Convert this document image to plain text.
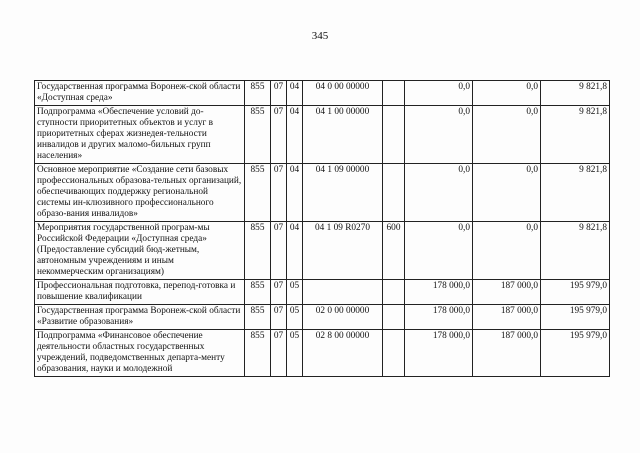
345
Государственная программа Воронеж-ской области «Доступная среда»	855	07	04	04 0 00 00000		0,0	0,0	9 821,8
Подпрограмма «Обеспечение условий до-ступности приоритетных объектов и услуг в приоритетных сферах жизнедея-тельности инвалидов и других маломо-бильных групп населения»	855	07	04	04 1 00 00000		0,0	0,0	9 821,8
Основное мероприятие «Создание сети базовых профессиональных образова-тельных организаций, обеспечивающих поддержку региональной системы ин-клюзивного профессионального образо-вания инвалидов»	855	07	04	04 1 09 00000		0,0	0,0	9 821,8
Мероприятия государственной програм-мы Российской Федерации «Доступная среда» (Предоставление субсидий бюд-жетным, автономным учреждениям и иным некоммерческим организациям)	855	07	04	04 1 09 R0270	600	0,0	0,0	9 821,8
Профессиональная подготовка, перепод-готовка и повышение квалификации	855	07	05			178 000,0	187 000,0	195 979,0
Государственная программа Воронеж-ской области «Развитие образования»	855	07	05	02 0 00 00000		178 000,0	187 000,0	195 979,0
Подпрограмма «Финансовое обеспечение деятельности областных государственных учреждений, подведомственных департа-менту образования, науки и молодежной	855	07	05	02 8 00 00000		178 000,0	187 000,0	195 979,0
